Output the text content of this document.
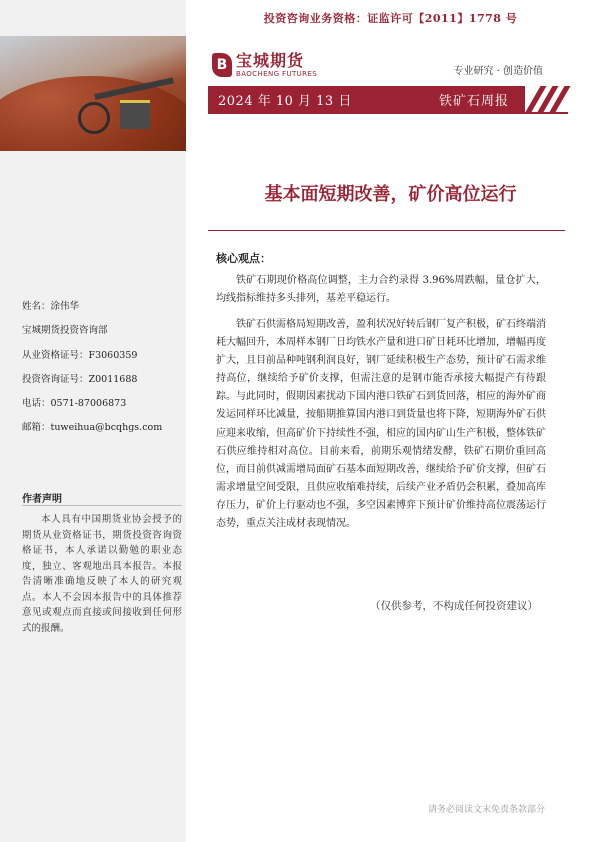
投资咨询业务资格：证监许可【2011】1778 号
B 宝城期货
BAOCHENG FUTURES	专业研究 · 创造价值
2024 年 10 月 13 日	铁矿石周报
基本面短期改善，矿价高位运行
核心观点：

铁矿石期现价格高位调整，主力合约录得 3.96%周跌幅，量仓扩大，均线指标维持多头排列，基差平稳运行。

铁矿石供需格局短期改善，盈利状况好转后钢厂复产积极，矿石终端消耗大幅回升，本周样本钢厂日均铁水产量和进口矿日耗环比增加，增幅再度扩大，且目前品种吨钢利润良好，钢厂延续积极生产态势，预计矿石需求维持高位，继续给予矿价支撑，但需注意的是钢市能否承接大幅提产有待跟踪。与此同时，假期因素扰动下国内港口铁矿石到货回落，相应的海外矿商发运同样环比减量，按船期推算国内港口到货量也将下降，短期海外矿石供应迎来收缩，但高矿价下持续性不强，相应的国内矿山生产积极，整体铁矿石供应维持相对高位。目前来看，前期乐观情绪发酵，铁矿石期价重回高位，而目前供减需增局面矿石基本面短期改善，继续给予矿价支撑，但矿石需求增量空间受限，且供应收缩难持续，后续产业矛盾仍会积累，叠加高库存压力，矿价上行驱动也不强，多空因素博弈下预计矿价维持高位震荡运行态势，重点关注成材表现情况。

（仅供参考，不构成任何投资建议）
请务必阅读文末免责条款部分
姓名：涂伟华
宝城期货投资咨询部
从业资格证号：F3060359
投资咨询证号：Z0011688
电话：0571-87006873
邮箱：tuweihua@bcqhgs.com
作者声明

本人具有中国期货业协会授予的期货从业资格证书，期货投资咨询资格证书，本人承诺以勤勉的职业态度，独立、客观地出具本报告。本报告清晰准确地反映了本人的研究观点。本人不会因本报告中的具体推荐意见或观点而直接或间接收到任何形式的报酬。
